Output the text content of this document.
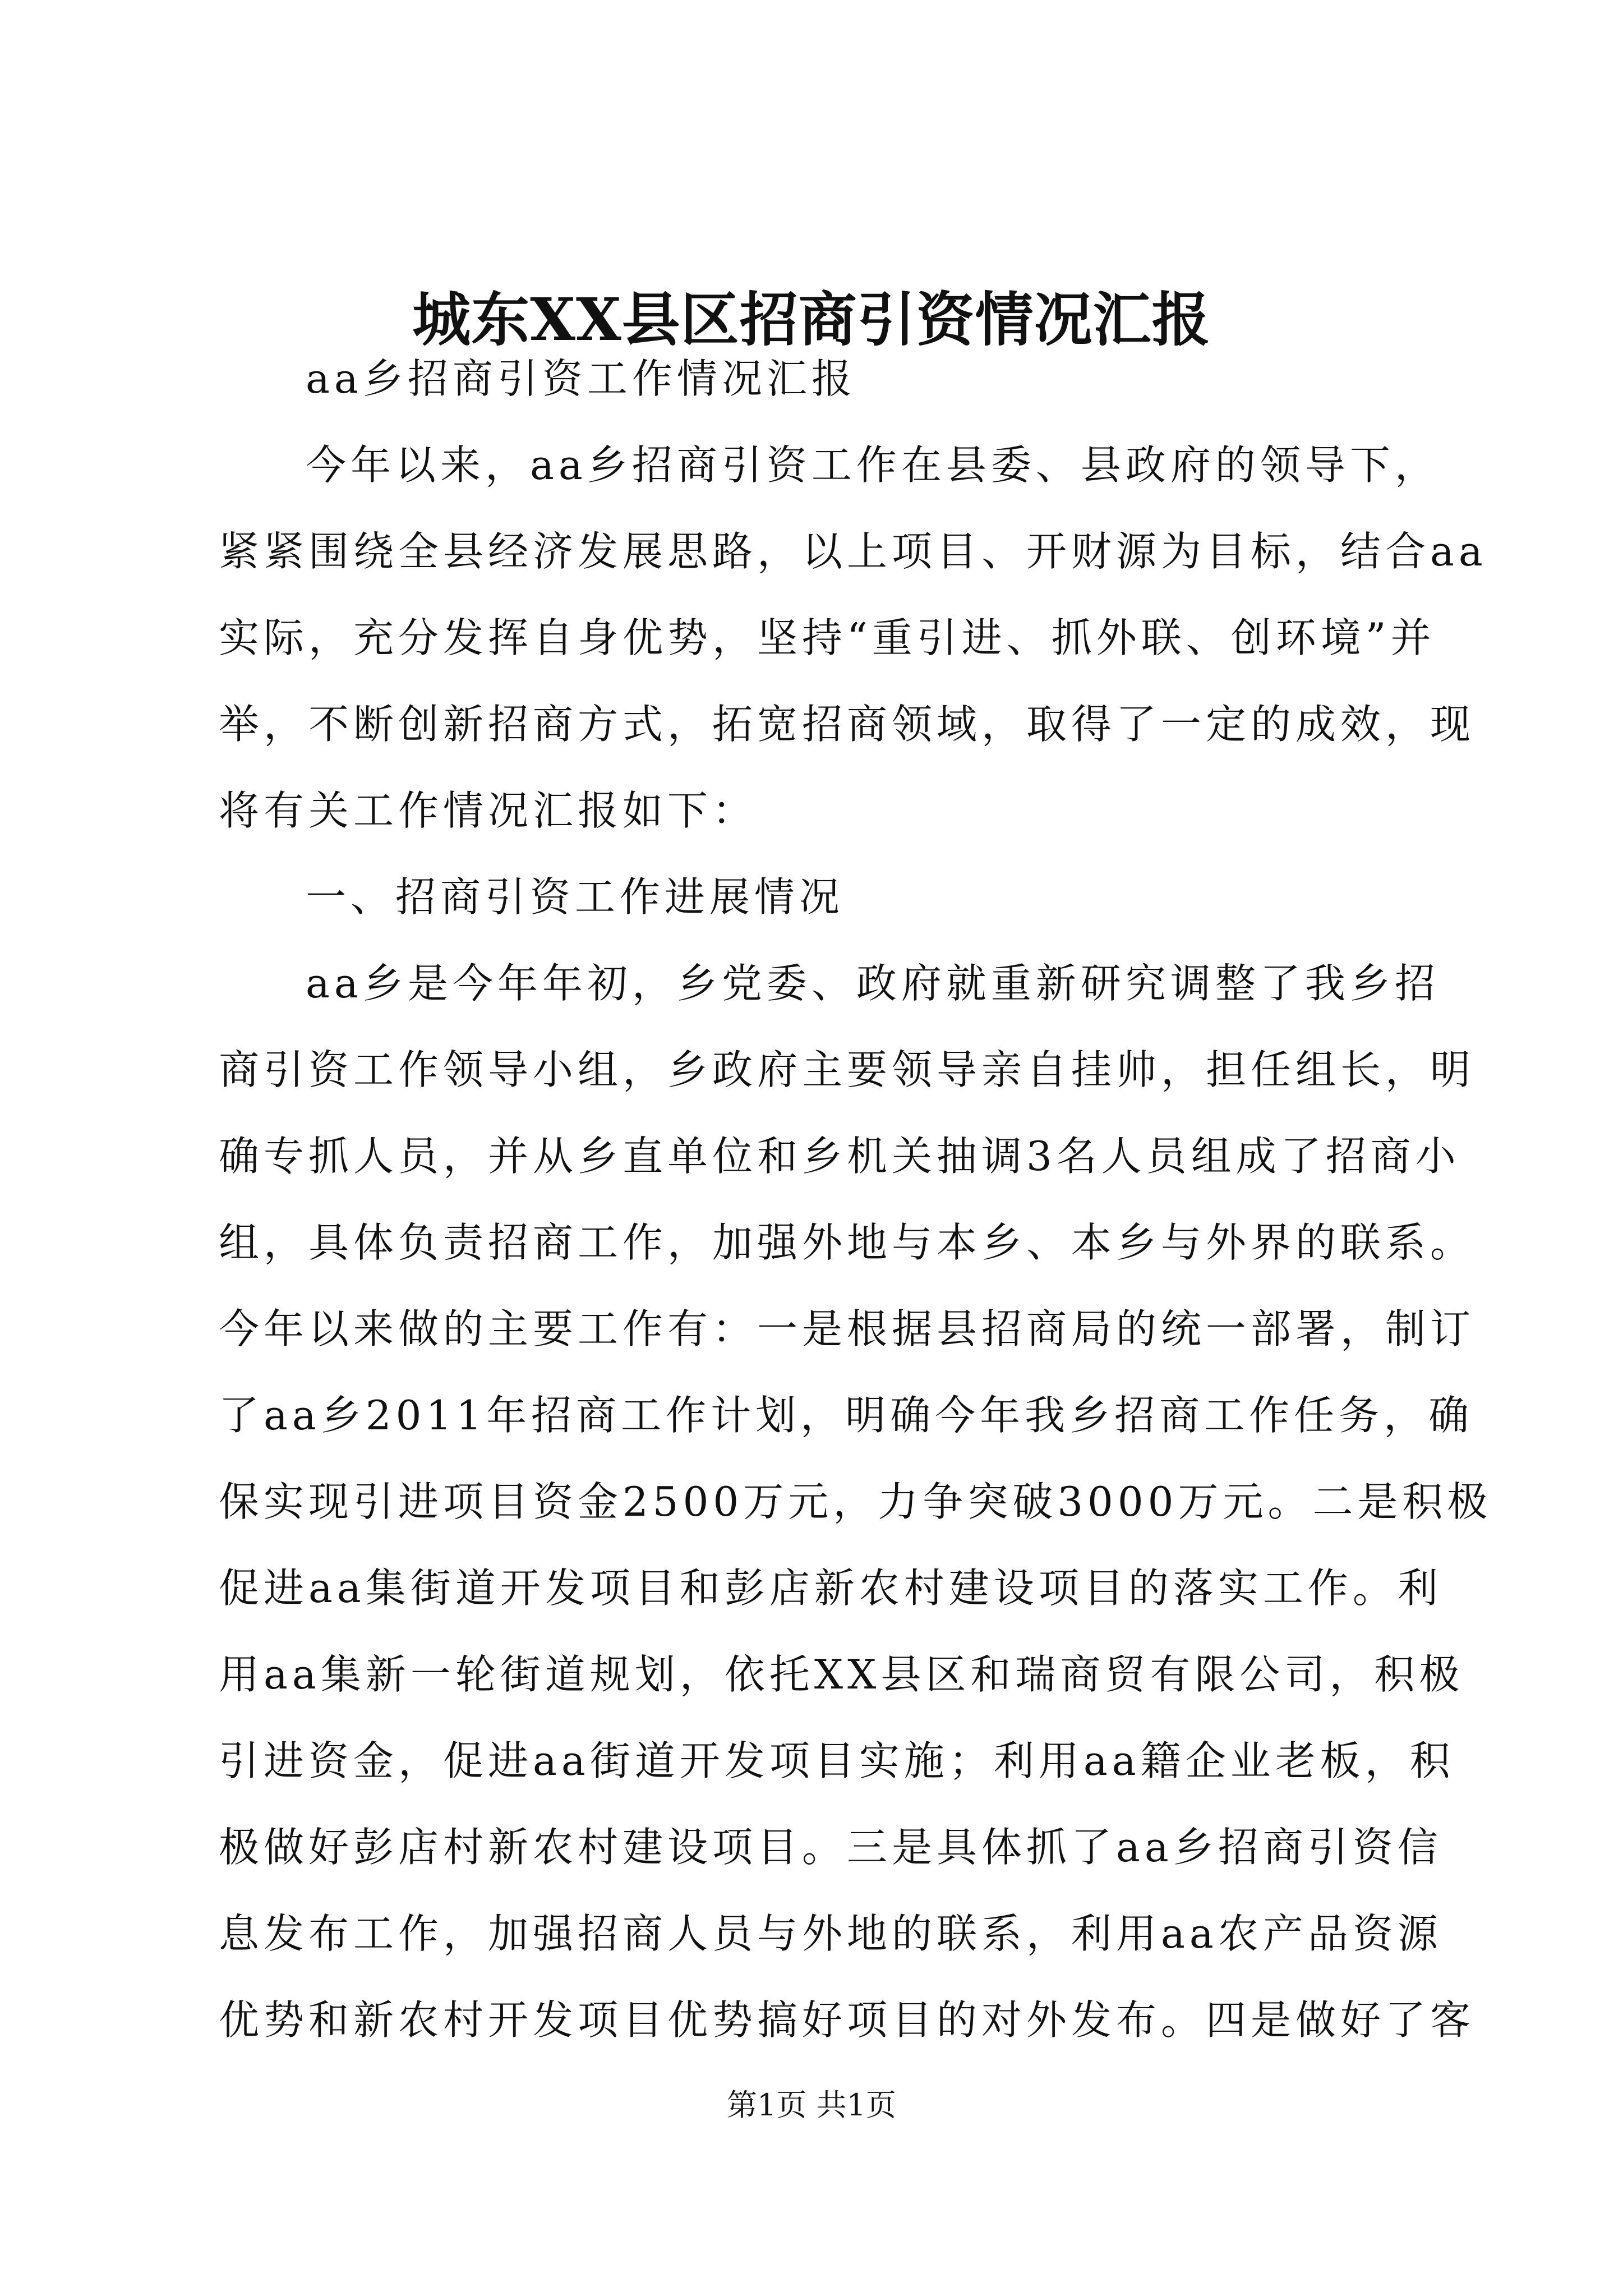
城东XX县区招商引资情况汇报
aa乡招商引资工作情况汇报
今年以来，aa乡招商引资工作在县委、县政府的领导下，
紧紧围绕全县经济发展思路，以上项目、开财源为目标，结合aa
实际，充分发挥自身优势，坚持“重引进、抓外联、创环境”并
举，不断创新招商方式，拓宽招商领域，取得了一定的成效，现
将有关工作情况汇报如下：
一、招商引资工作进展情况
aa乡是今年年初，乡党委、政府就重新研究调整了我乡招
商引资工作领导小组，乡政府主要领导亲自挂帅，担任组长，明
确专抓人员，并从乡直单位和乡机关抽调3名人员组成了招商小
组，具体负责招商工作，加强外地与本乡、本乡与外界的联系。
今年以来做的主要工作有：一是根据县招商局的统一部署，制订
了aa乡2011年招商工作计划，明确今年我乡招商工作任务，确
保实现引进项目资金2500万元，力争突破3000万元。二是积极
促进aa集街道开发项目和彭店新农村建设项目的落实工作。利
用aa集新一轮街道规划，依托XX县区和瑞商贸有限公司，积极
引进资金，促进aa街道开发项目实施；利用aa籍企业老板，积
极做好彭店村新农村建设项目。三是具体抓了aa乡招商引资信
息发布工作，加强招商人员与外地的联系，利用aa农产品资源
优势和新农村开发项目优势搞好项目的对外发布。四是做好了客
第1页 共1页
